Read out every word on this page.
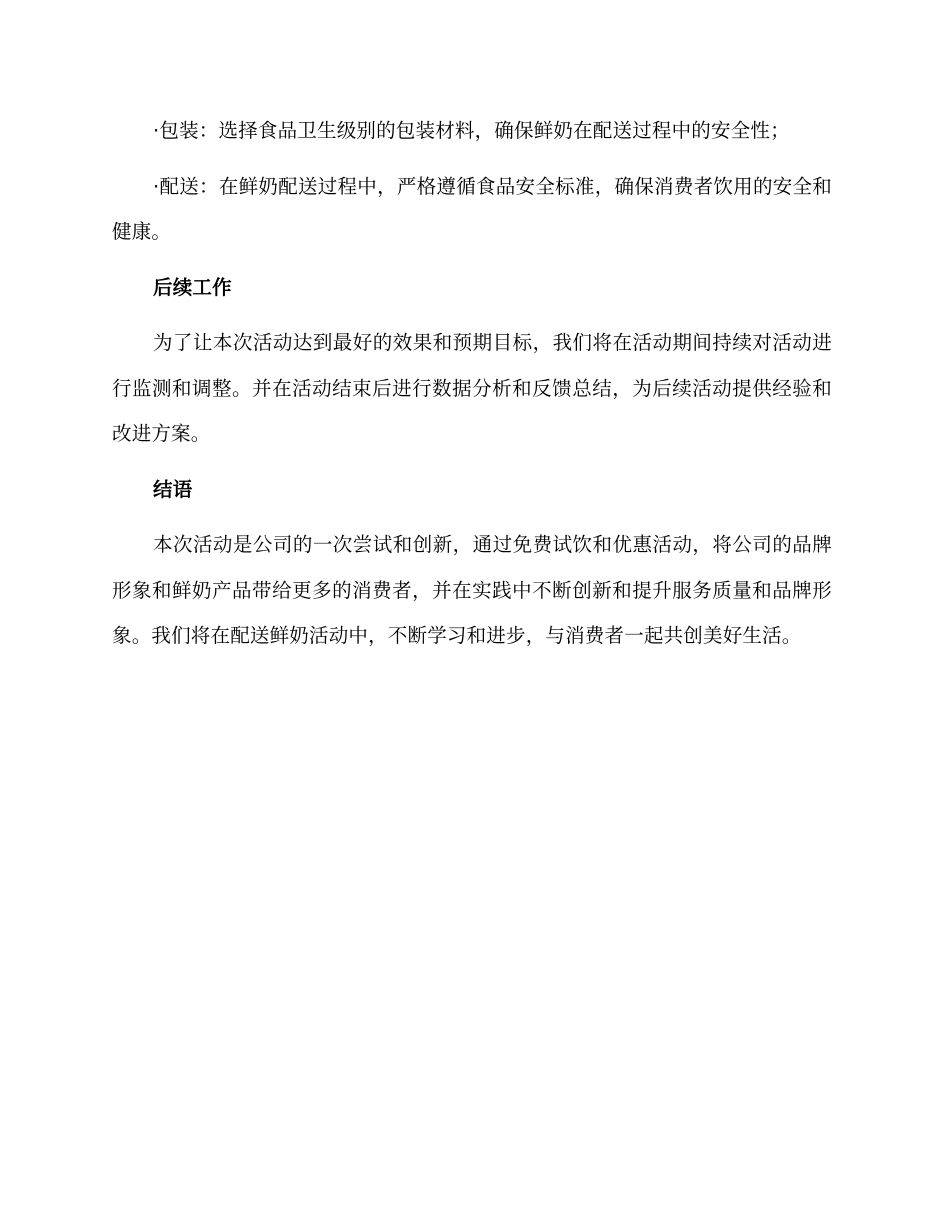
·包装：选择食品卫生级别的包装材料，确保鲜奶在配送过程中的安全性；

·配送：在鲜奶配送过程中，严格遵循食品安全标准，确保消费者饮用的安全和健康。

后续工作

为了让本次活动达到最好的效果和预期目标，我们将在活动期间持续对活动进行监测和调整。并在活动结束后进行数据分析和反馈总结，为后续活动提供经验和改进方案。

结语

本次活动是公司的一次尝试和创新，通过免费试饮和优惠活动，将公司的品牌形象和鲜奶产品带给更多的消费者，并在实践中不断创新和提升服务质量和品牌形象。我们将在配送鲜奶活动中，不断学习和进步，与消费者一起共创美好生活。
